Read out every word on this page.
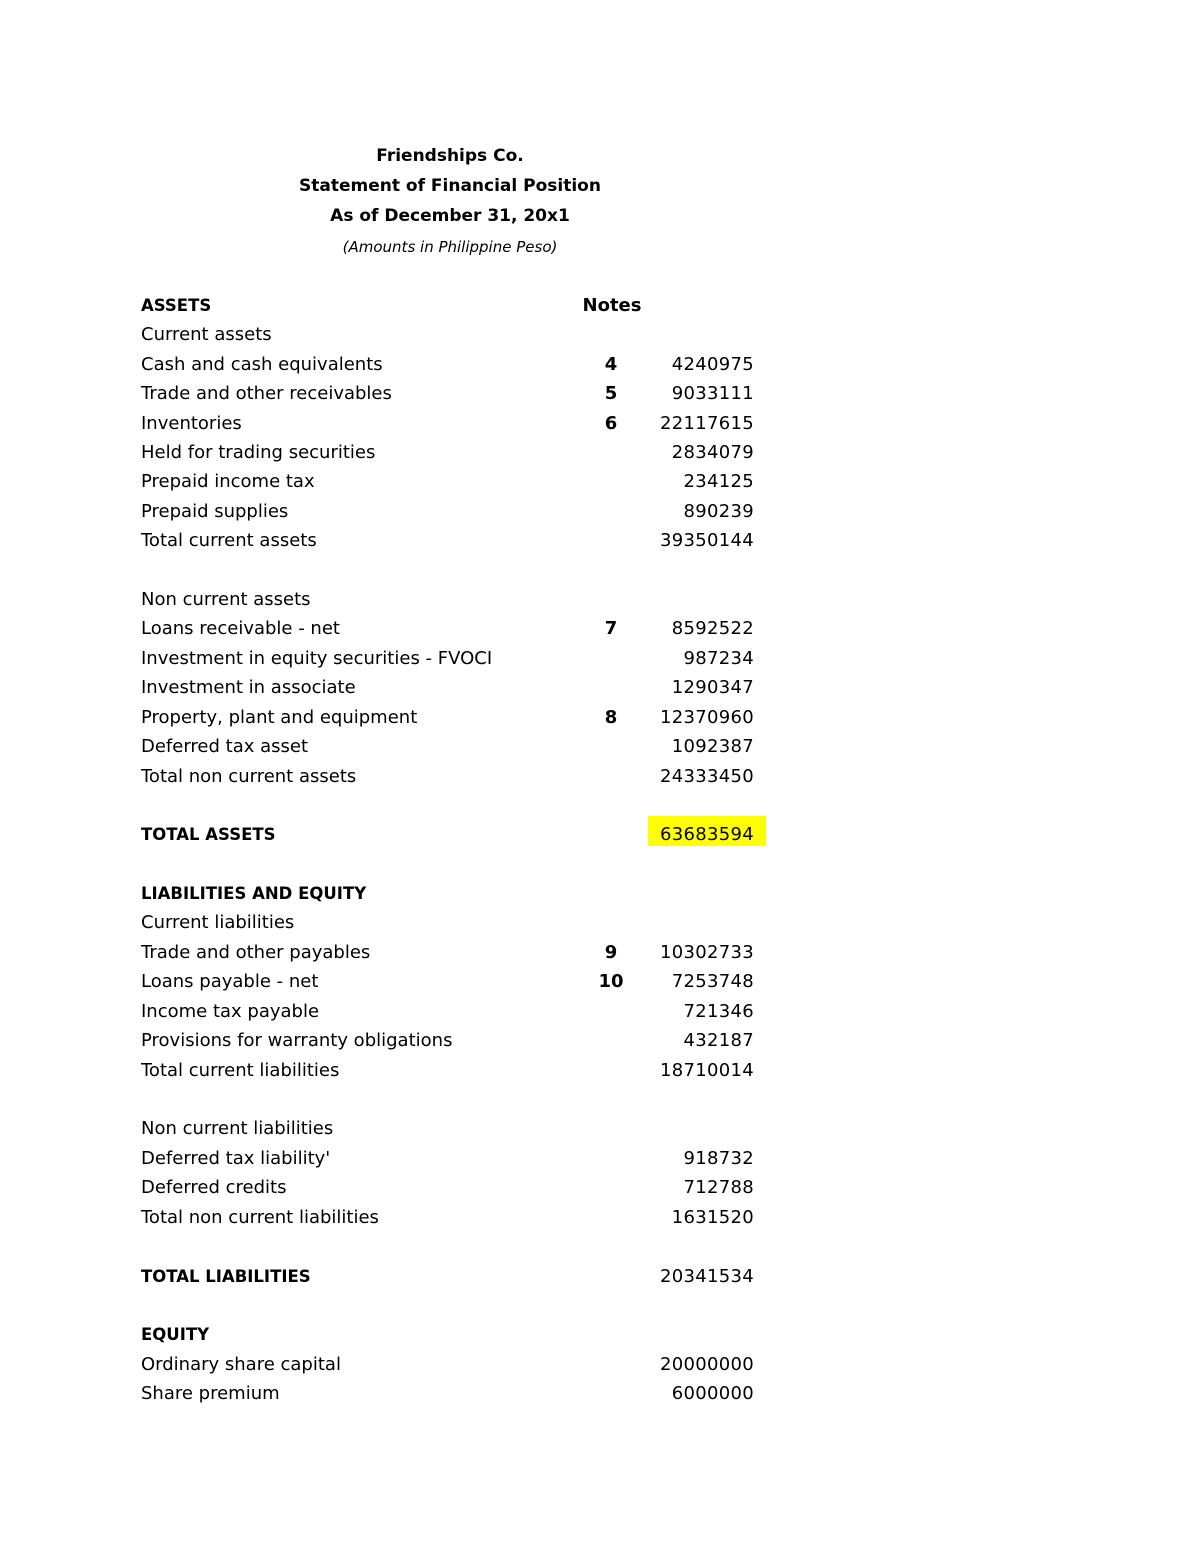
Friendships Co.
Statement of Financial Position
As of December 31, 20x1
(Amounts in Philippine Peso)
ASSETS	Notes
Current assets
Cash and cash equivalents	4	4240975
Trade and other receivables	5	9033111
Inventories	6	22117615
Held for trading securities	2834079
Prepaid income tax	234125
Prepaid supplies	890239
Total current assets	39350144
Non current assets
Loans receivable - net	7	8592522
Investment in equity securities - FVOCI	987234
Investment in associate	1290347
Property, plant and equipment	8	12370960
Deferred tax asset	1092387
Total non current assets	24333450
TOTAL ASSETS	63683594
LIABILITIES AND EQUITY
Current liabilities
Trade and other payables	9	10302733
Loans payable - net	10	7253748
Income tax payable	721346
Provisions for warranty obligations	432187
Total current liabilities	18710014
Non current liabilities
Deferred tax liability'	918732
Deferred credits	712788
Total non current liabilities	1631520
TOTAL LIABILITIES	20341534
EQUITY
Ordinary share capital	20000000
Share premium	6000000
